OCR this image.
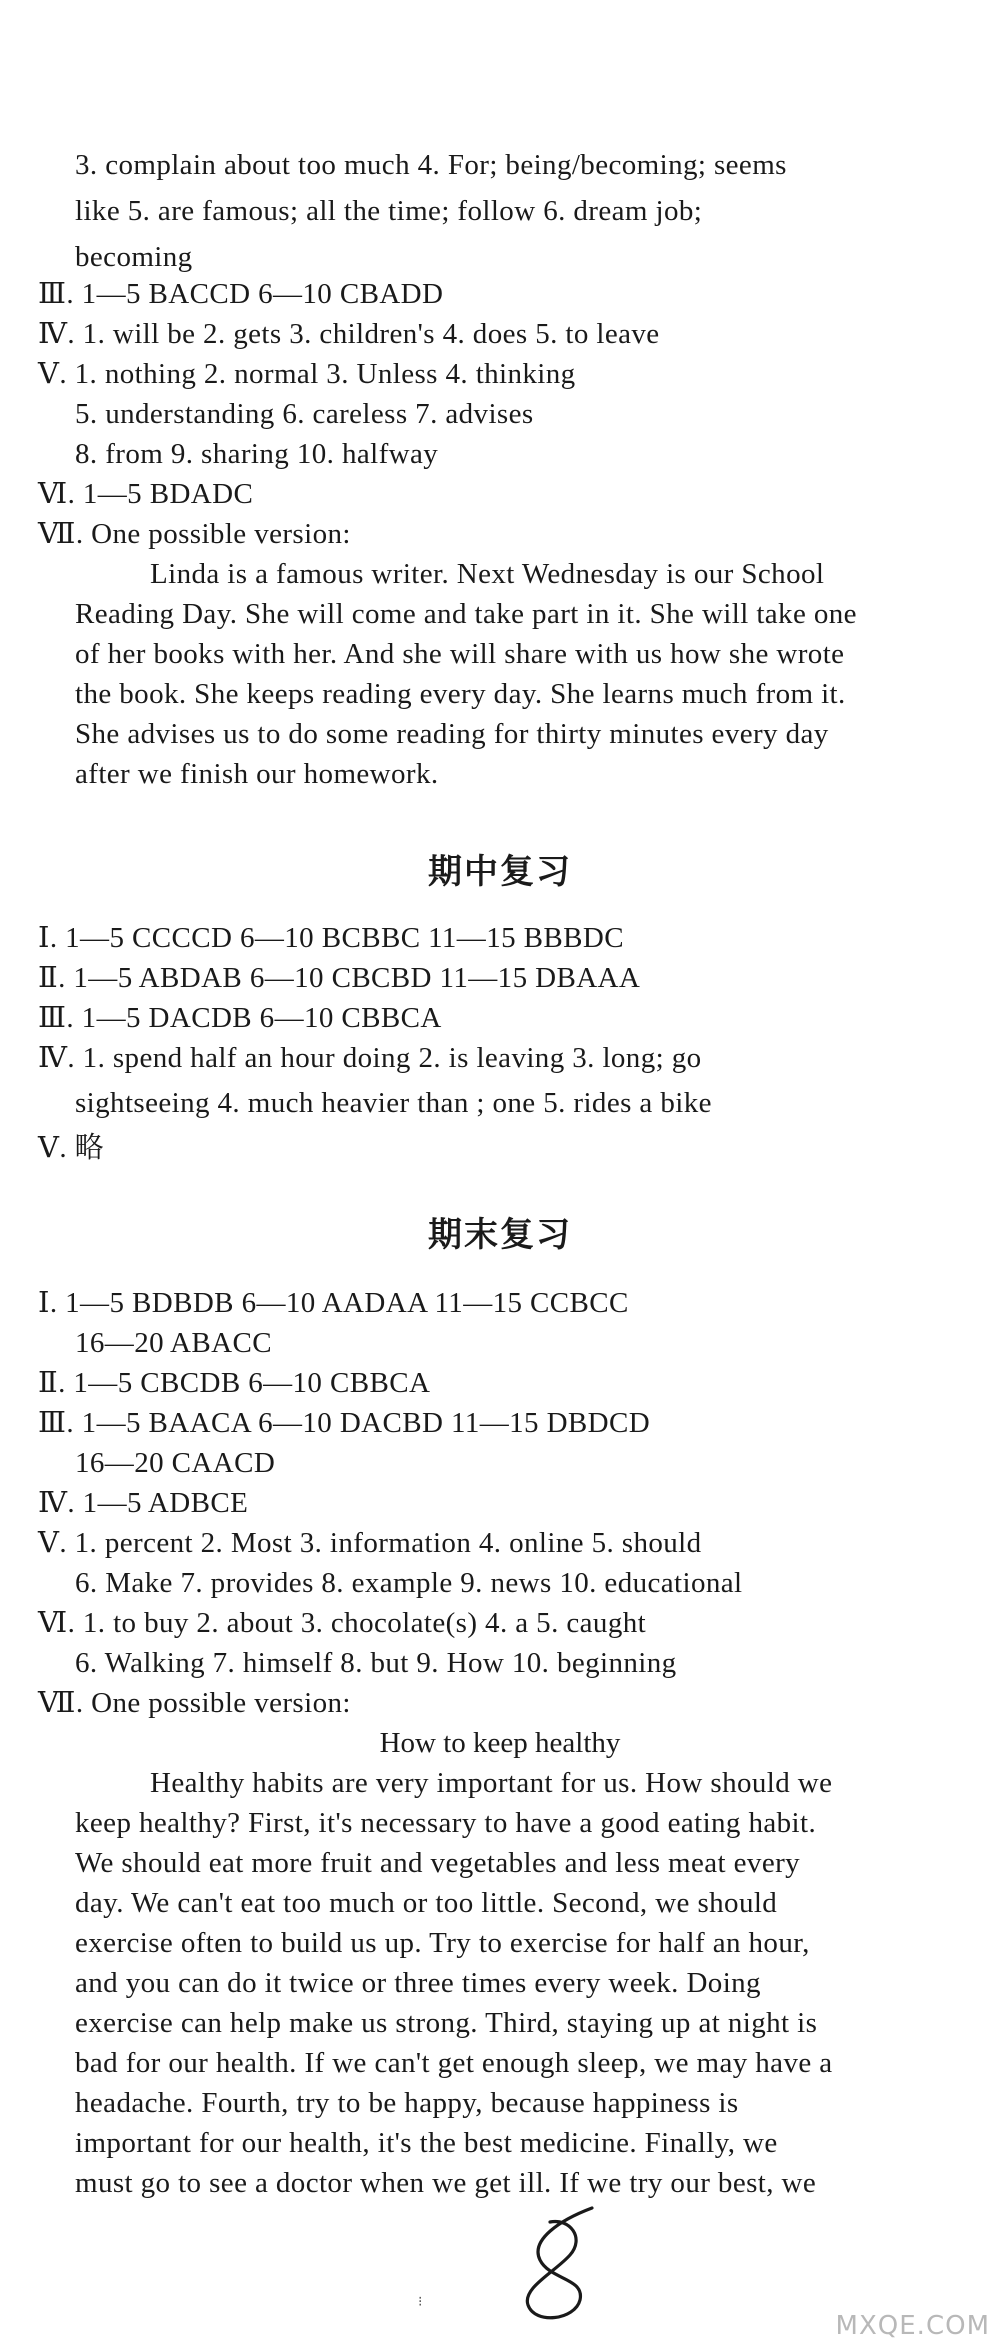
3. complain about too much 4. For; being/becoming; seems
like 5. are famous; all the time; follow 6. dream job;
becoming
Ⅲ. 1—5 BACCD 6—10 CBADD
Ⅳ. 1. will be 2. gets 3. children's 4. does 5. to leave
Ⅴ. 1. nothing 2. normal 3. Unless 4. thinking
5. understanding 6. careless 7. advises
8. from 9. sharing 10. halfway
Ⅵ. 1—5 BDADC
Ⅶ. One possible version:
Linda is a famous writer. Next Wednesday is our School
Reading Day. She will come and take part in it. She will take one
of her books with her. And she will share with us how she wrote
the book. She keeps reading every day. She learns much from it.
She advises us to do some reading for thirty minutes every day
after we finish our homework.
期中复习
Ⅰ. 1—5 CCCCD 6—10 BCBBC 11—15 BBBDC
Ⅱ. 1—5 ABDAB 6—10 CBCBD 11—15 DBAAA
Ⅲ. 1—5 DACDB 6—10 CBBCA
Ⅳ. 1. spend half an hour doing 2. is leaving 3. long; go
sightseeing 4. much heavier than ; one 5. rides a bike
Ⅴ. 略
期末复习
Ⅰ. 1—5 BDBDB 6—10 AADAA 11—15 CCBCC
16—20 ABACC
Ⅱ. 1—5 CBCDB 6—10 CBBCA
Ⅲ. 1—5 BAACA 6—10 DACBD 11—15 DBDCD
16—20 CAACD
Ⅳ. 1—5 ADBCE
Ⅴ. 1. percent 2. Most 3. information 4. online 5. should
6. Make 7. provides 8. example 9. news 10. educational
Ⅵ. 1. to buy 2. about 3. chocolate(s) 4. a 5. caught
6. Walking 7. himself 8. but 9. How 10. beginning
Ⅶ. One possible version:
How to keep healthy
Healthy habits are very important for us. How should we
keep healthy? First, it's necessary to have a good eating habit.
We should eat more fruit and vegetables and less meat every
day. We can't eat too much or too little. Second, we should
exercise often to build us up. Try to exercise for half an hour,
and you can do it twice or three times every week. Doing
exercise can help make us strong. Third, staying up at night is
bad for our health. If we can't get enough sleep, we may have a
headache. Fourth, try to be happy, because happiness is
important for our health, it's the best medicine. Finally, we
must go to see a doctor when we get ill. If we try our best, we
⁝
MXQE.COM
